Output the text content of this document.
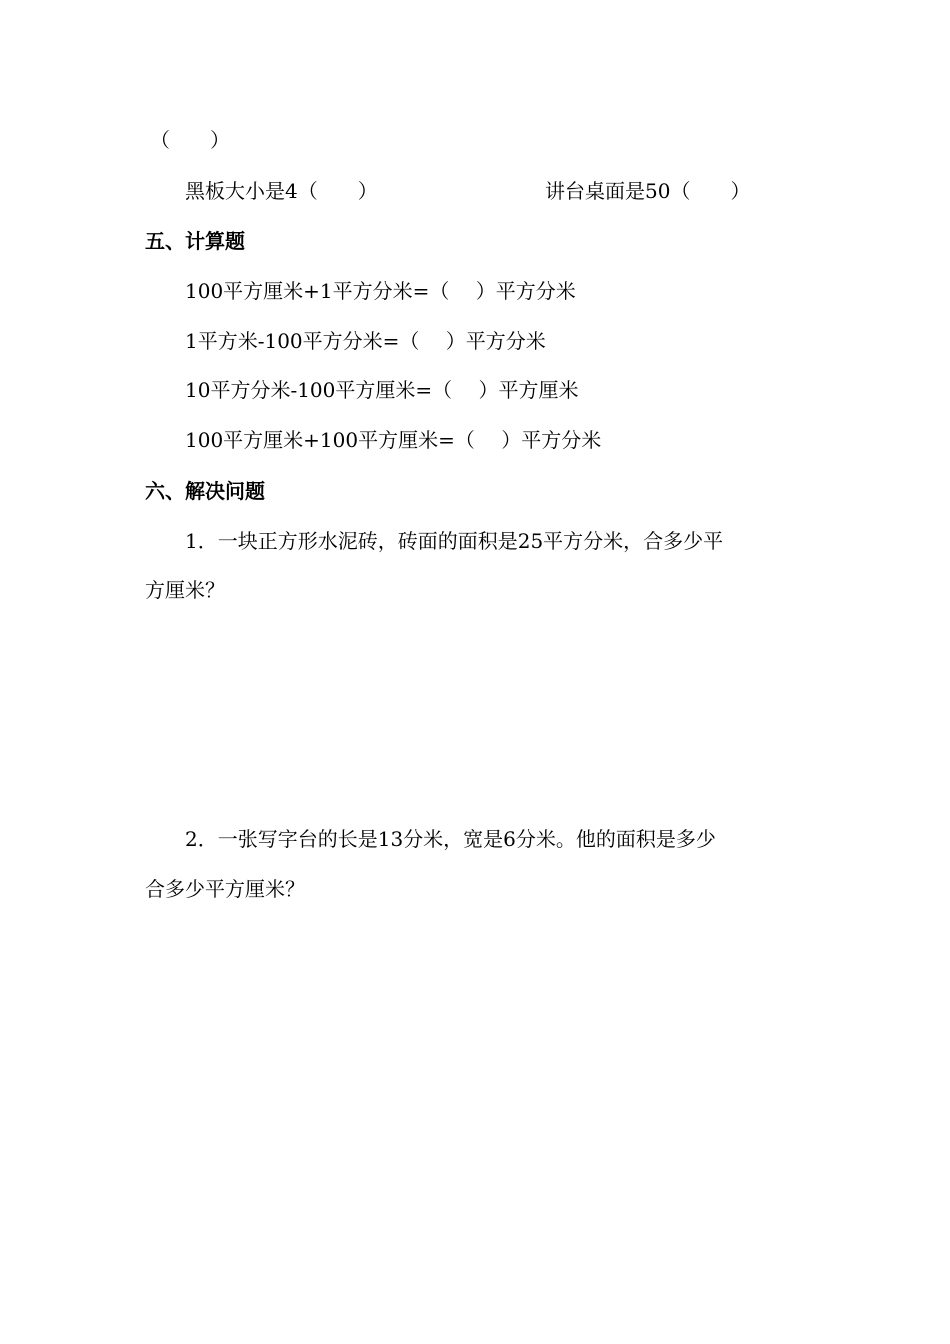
（　　）
黑板大小是4（　　）	讲台桌面是50（　　）
五、计算题
100平方厘米+1平方分米=（　 ）平方分米
1平方米-100平方分米=（　 ）平方分米
10平方分米-100平方厘米=（　 ）平方厘米
100平方厘米+100平方厘米=（　 ）平方分米
六、解决问题
1．一块正方形水泥砖，砖面的面积是25平方分米，合多少平
方厘米？
2．一张写字台的长是13分米，宽是6分米。他的面积是多少
合多少平方厘米？
